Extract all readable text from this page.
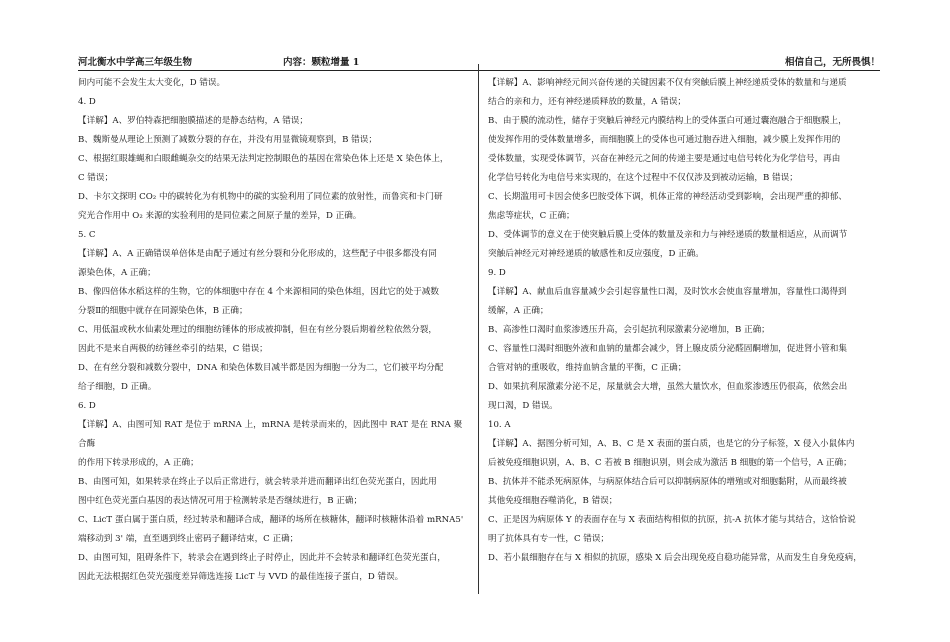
河北衡水中学高三年级生物	内容：颗粒增量 1	相信自己，无所畏惧！

间内可能不会发生太大变化，D 错误。

4. D

【详解】A、罗伯特森把细胞膜描述的是静态结构，A 错误；

B、魏斯曼从理论上预测了减数分裂的存在，并没有用显微镜观察到，B 错误；

C、根据红眼雄蝇和白眼雌蝇杂交的结果无法判定控制眼色的基因在常染色体上还是 X 染色体上，

C 错误；

D、卡尔文探明 CO₂ 中的碳转化为有机物中的碳的实验利用了同位素的放射性，而鲁宾和卡门研

究光合作用中 O₂ 来源的实验利用的是同位素之间原子量的差异，D 正确。

5. C

【详解】A、A 正确错误单倍体是由配子通过有丝分裂和分化形成的，这些配子中很多都没有同

源染色体，A 正确；

B、像四倍体水稻这样的生物，它的体细胞中存在 4 个来源相同的染色体组，因此它的处于减数

分裂Ⅱ的细胞中就存在同源染色体，B 正确；

C、用低温或秋水仙素处理过的细胞纺锤体的形成被抑制，但在有丝分裂后期着丝粒依然分裂，

因此不是来自两极的纺锤丝牵引的结果，C 错误；

D、在有丝分裂和减数分裂中，DNA 和染色体数目减半都是因为细胞一分为二，它们被平均分配

给子细胞，D 正确。

6. D

【详解】A、由图可知 RAT 是位于 mRNA 上，mRNA 是转录而来的，因此图中 RAT 是在 RNA 聚合酶

的作用下转录形成的，A 正确；

B、由图可知，如果转录在终止子以后正常进行，就会转录并进而翻译出红色荧光蛋白，因此用

图中红色荧光蛋白基因的表达情况可用于检测转录是否继续进行，B 正确；

C、LicT 蛋白属于蛋白质，经过转录和翻译合成，翻译的场所在核糖体，翻译时核糖体沿着 mRNA5'

端移动到 3' 端，直至遇到终止密码子翻译结束，C 正确；

D、由图可知，阻碍条件下，转录会在遇到终止子时停止，因此并不会转录和翻译红色荧光蛋白，

因此无法根据红色荧光强度差异筛选连接 LicT 与 VVD 的最佳连接子蛋白，D 错误。

【详解】A、影响神经元间兴奋传递的关键因素不仅有突触后膜上神经递质受体的数量和与递质

结合的亲和力，还有神经递质释放的数量，A 错误；

B、由于膜的流动性，储存于突触后神经元内膜结构上的受体蛋白可通过囊泡融合于细胞膜上，

使发挥作用的受体数量增多，而细胞膜上的受体也可通过胞吞进入细胞，减少膜上发挥作用的

受体数量，实现受体调节，兴奋在神经元之间的传递主要是通过电信号转化为化学信号，再由

化学信号转化为电信号来实现的，在这个过程中不仅仅涉及到被动运输，B 错误；

C、长期滥用可卡因会使多巴胺受体下调，机体正常的神经活动受到影响，会出现严重的抑郁、

焦虑等症状，C 正确；

D、受体调节的意义在于使突触后膜上受体的数量及亲和力与神经递质的数量相适应，从而调节

突触后神经元对神经递质的敏感性和反应强度，D 正确。

9. D

【详解】A、献血后血容量减少会引起容量性口渴，及时饮水会使血容量增加，容量性口渴得到

缓解，A 正确；

B、高渗性口渴时血浆渗透压升高，会引起抗利尿激素分泌增加，B 正确；

C、容量性口渴时细胞外液和血钠的量都会减少，肾上腺皮质分泌醛固酮增加，促进肾小管和集

合管对钠的重吸收，维持血钠含量的平衡，C 正确；

D、如果抗利尿激素分泌不足，尿量就会大增，虽然大量饮水，但血浆渗透压仍很高，依然会出

现口渴，D 错误。

10. A

【详解】A、据图分析可知，A、B、C 是 X 表面的蛋白质，也是它的分子标签，X 侵入小鼠体内

后被免疫细胞识别，A、B、C 若被 B 细胞识别，则会成为激活 B 细胞的第一个信号，A 正确；

B、抗体并不能杀死病原体，与病原体结合后可以抑制病原体的增殖或对细胞黏附，从而最终被

其他免疫细胞吞噬消化，B 错误；

C、正是因为病原体 Y 的表面存在与 X 表面结构相似的抗原，抗-A 抗体才能与其结合，这恰恰说

明了抗体具有专一性，C 错误；

D、若小鼠细胞存在与 X 相似的抗原，感染 X 后会出现免疫自稳功能异常，从而发生自身免疫病，
